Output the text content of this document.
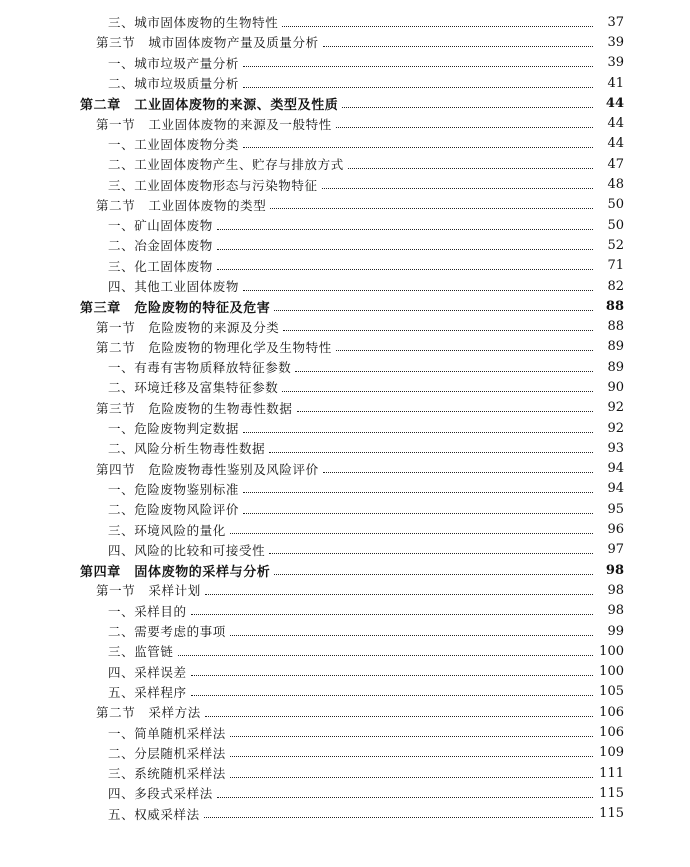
三、城市固体废物的生物特性	37
第三节　城市固体废物产量及质量分析	39
一、城市垃圾产量分析	39
二、城市垃圾质量分析	41
第二章　工业固体废物的来源、类型及性质	44
第一节　工业固体废物的来源及一般特性	44
一、工业固体废物分类	44
二、工业固体废物产生、贮存与排放方式	47
三、工业固体废物形态与污染物特征	48
第二节　工业固体废物的类型	50
一、矿山固体废物	50
二、冶金固体废物	52
三、化工固体废物	71
四、其他工业固体废物	82
第三章　危险废物的特征及危害	88
第一节　危险废物的来源及分类	88
第二节　危险废物的物理化学及生物特性	89
一、有毒有害物质释放特征参数	89
二、环境迁移及富集特征参数	90
第三节　危险废物的生物毒性数据	92
一、危险废物判定数据	92
二、风险分析生物毒性数据	93
第四节　危险废物毒性鉴别及风险评价	94
一、危险废物鉴别标准	94
二、危险废物风险评价	95
三、环境风险的量化	96
四、风险的比较和可接受性	97
第四章　固体废物的采样与分析	98
第一节　采样计划	98
一、采样目的	98
二、需要考虑的事项	99
三、监管链	100
四、采样误差	100
五、采样程序	105
第二节　采样方法	106
一、简单随机采样法	106
二、分层随机采样法	109
三、系统随机采样法	111
四、多段式采样法	115
五、权威采样法	115
